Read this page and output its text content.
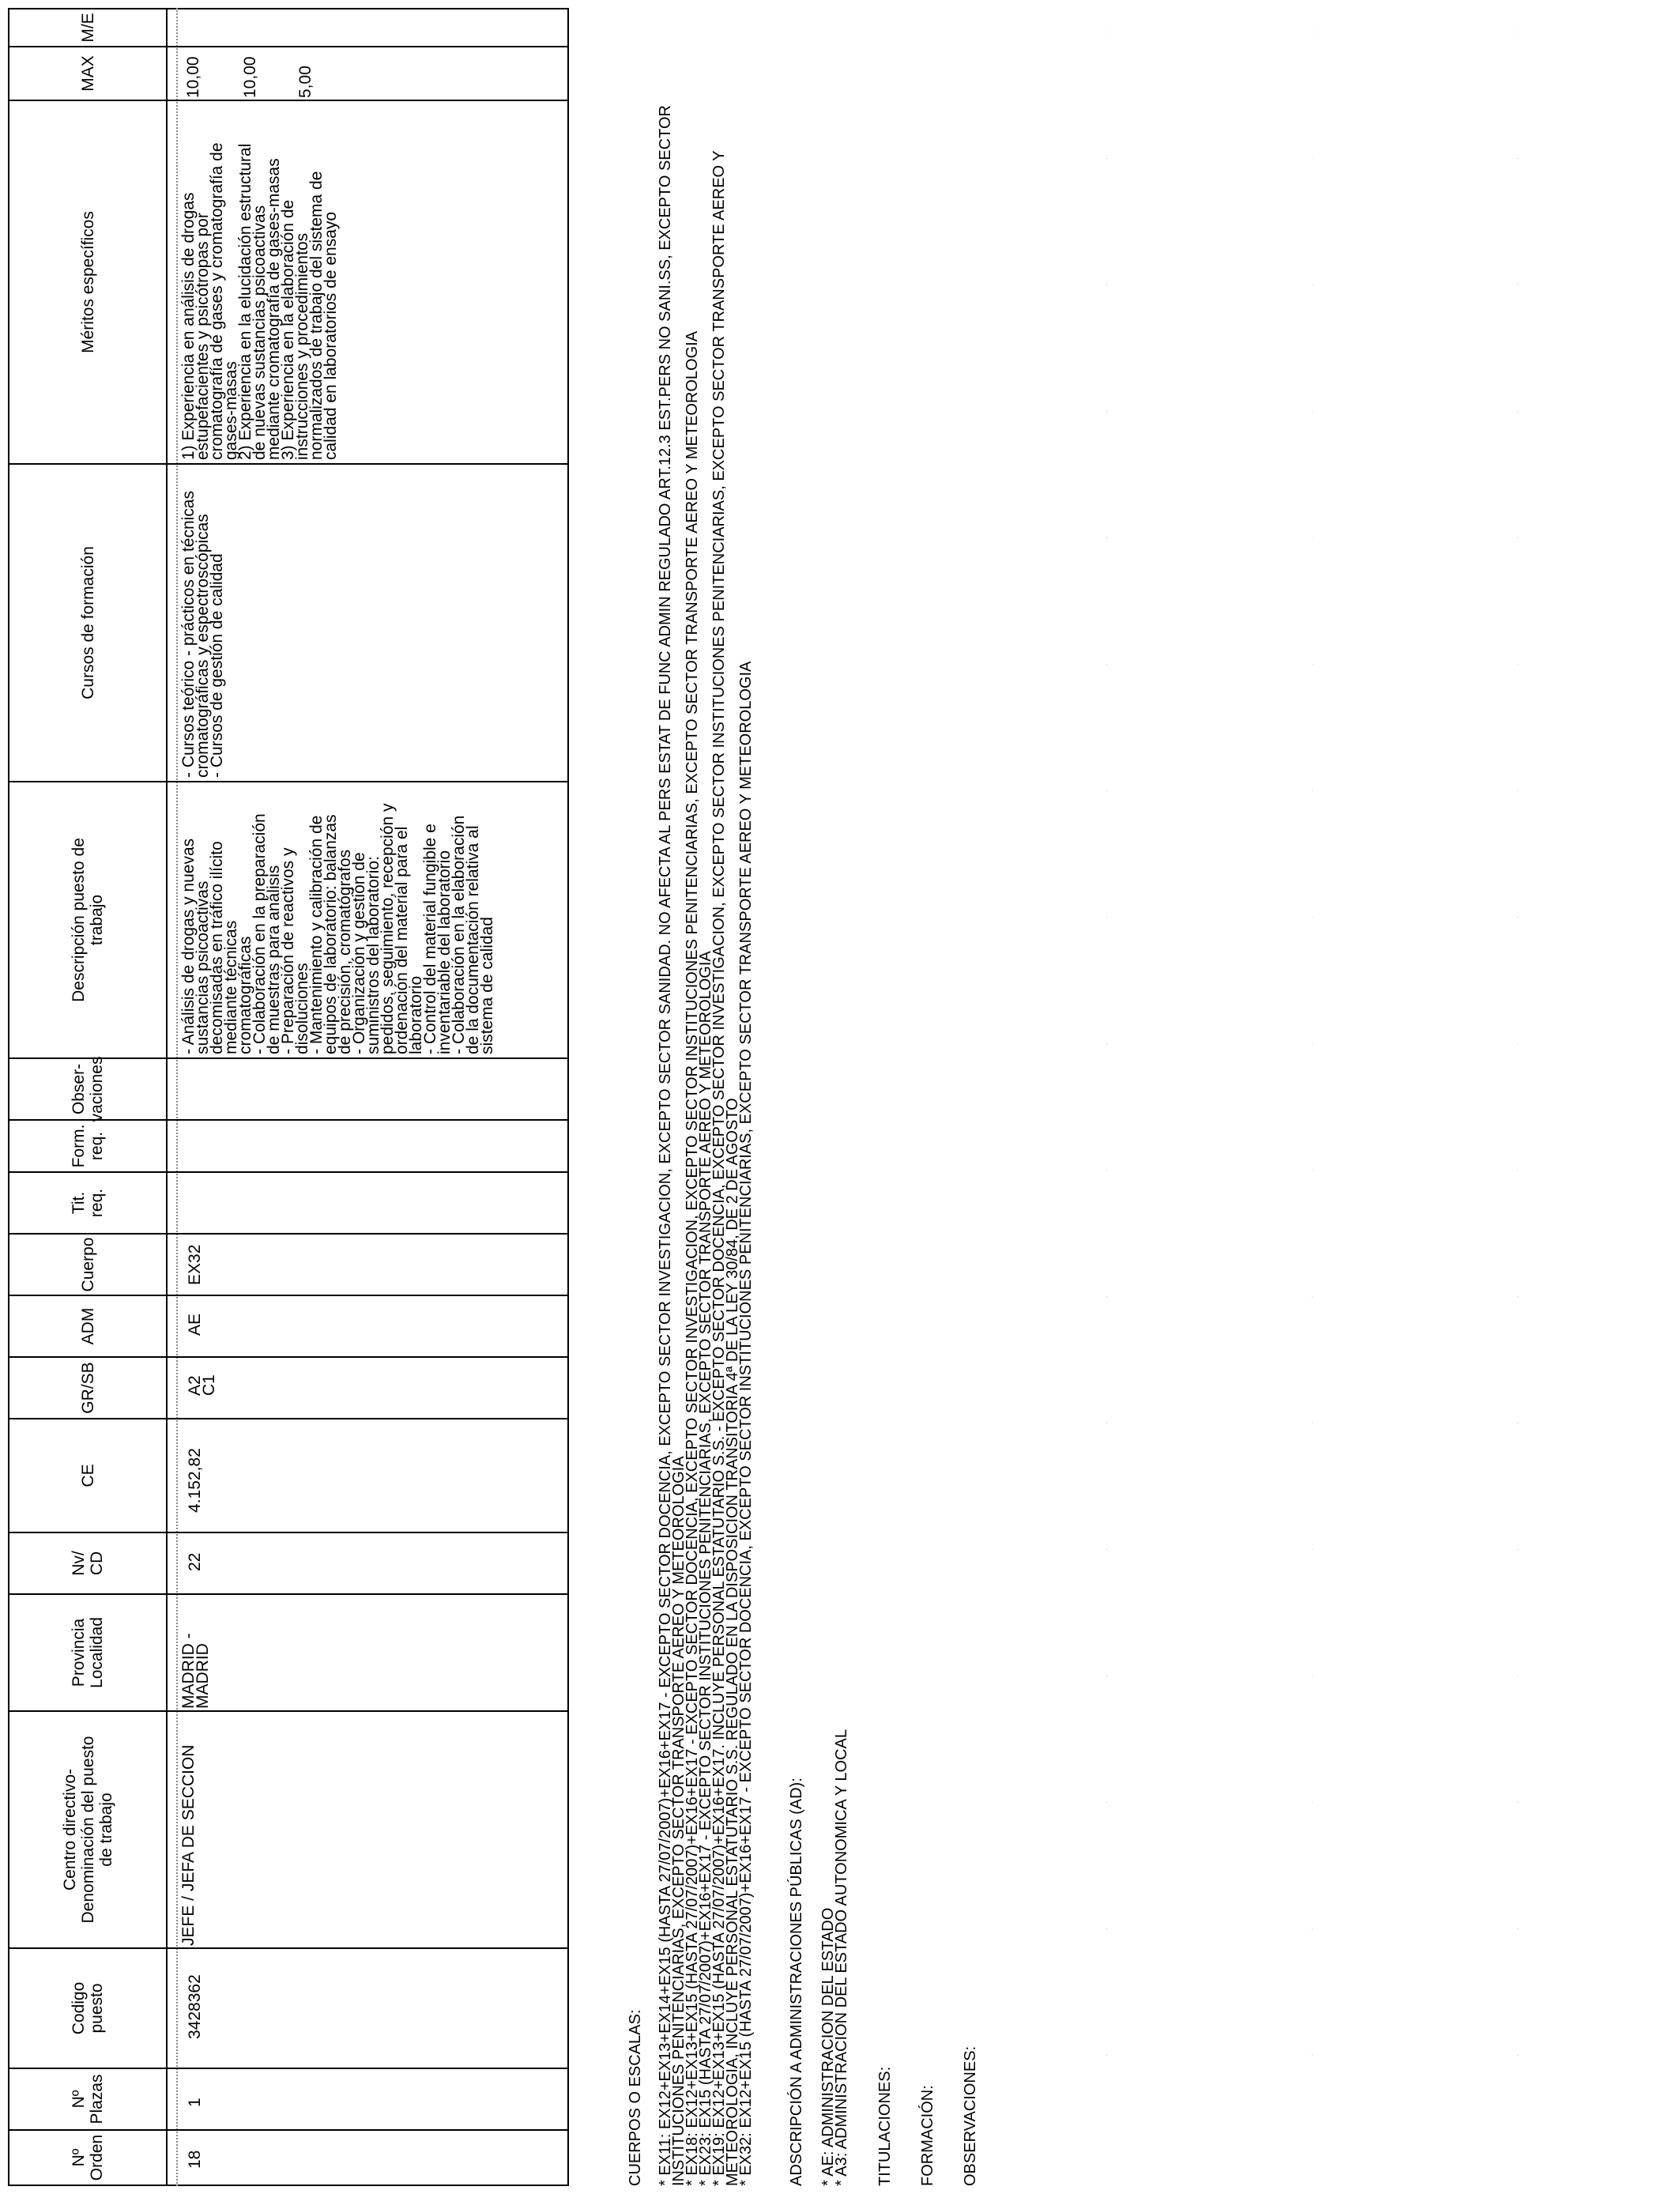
Nº Orden
Nº Plazas
Codigo puesto
Centro directivo- Denominación del puesto de trabajo
Provincia Localidad
Nv/ CD
CE
GR/SB
ADM
Cuerpo
Tit. req.
Form. req.
Obser- vaciones
Descripción puesto de trabajo
Cursos de formación
Méritos específicos
MAX
M/E
18
1
3428362
JEFE / JEFA DE SECCION
MADRID -
MADRID
22
4.152,82
A2
C1
AE
EX32
- Análisis de drogas y nuevas
sustancias psicoactivas
decomisadas en tráfico ilícito
mediante técnicas
cromatográficas
- Colaboración en la preparación
de muestras para análisis
- Preparación de reactivos y
disoluciones
- Mantenimiento y calibración de
equipos de laboratorio: balanzas
de precisión, cromatógrafos
- Organización y gestión de
suministros del laboratorio:
pedidos, seguimiento, recepción y
ordenación del material para el
laboratorio
- Control del material fungible e
inventariable del laboratorio
- Colaboración en la elaboración
de la documentación relativa al
sistema de calidad
- Cursos teórico - prácticos en técnicas
cromatográficas y espectroscópicas
- Cursos de gestión de calidad
1) Experiencia en análisis de drogas
estupefacientes y psicótropas por
cromatografía de gases y cromatografía de
gases-masas
2) Experiencia en la elucidación estructural
de nuevas sustancias psicoactivas
mediante cromatografía de gases-masas
3) Experiencia en la elaboración de
instrucciones y procedimientos
normalizados de trabajo del sistema de
calidad en laboratorios de ensayo
10,00 10,00 5,00
CUERPOS O ESCALAS: * EX11: EX12+EX13+EX14+EX15 (HASTA 27/07/2007)+EX16+EX17 - EXCEPTO SECTOR DOCENCIA, EXCEPTO SECTOR INVESTIGACION, EXCEPTO SECTOR SANIDAD. NO AFECTA AL PERS ESTAT DE FUNC ADMIN REGULADO ART.12.3 EST.PERS NO SANI.SS, EXCEPTO SECTOR
INSTITUCIONES PENITENCIARIAS, EXCEPTO SECTOR TRANSPORTE AEREO Y METEOROLOGIA
* EX18: EX12+EX13+EX15 (HASTA 27/07/2007)+EX16+EX17 - EXCEPTO SECTOR DOCENCIA, EXCEPTO SECTOR INVESTIGACION, EXCEPTO SECTOR INSTITUCIONES PENITENCIARIAS, EXCEPTO SECTOR TRANSPORTE AEREO Y METEOROLOGIA
* EX23: EX15 (HASTA 27/07/2007)+EX16+EX17 - EXCEPTO SECTOR INSTITUCIONES PENITENCIARIAS, EXCEPTO SECTOR TRANSPORTE AEREO Y METEOROLOGIA
* EX19: EX12+EX13+EX15 (HASTA 27/07/2007)+EX16+EX17. INCLUYE PERSONAL ESTATUTARIO S.S. - EXCEPTO SECTOR DOCENCIA, EXCEPTO SECTOR INVESTIGACION, EXCEPTO SECTOR INSTITUCIONES PENITENCIARIAS, EXCEPTO SECTOR TRANSPORTE AEREO Y
METEOROLOGIA, INCLUYE PERSONAL ESTATUTARIO S.S. REGULADO EN LA DISPOSICION TRANSITORIA 4ª DE LA LEY 30/84, DE 2 DE AGOSTO
* EX32: EX12+EX15 (HASTA 27/07/2007)+EX16+EX17 - EXCEPTO SECTOR DOCENCIA, EXCEPTO SECTOR INSTITUCIONES PENITENCIARIAS, EXCEPTO SECTOR TRANSPORTE AEREO Y METEOROLOGIA ADSCRIPCIÓN A ADMINISTRACIONES PÚBLICAS (AD): * AE: ADMINISTRACION DEL ESTADO
* A3: ADMINISTRACION DEL ESTADO AUTONOMICA Y LOCAL TITULACIONES: FORMACIÓN: OBSERVACIONES:
